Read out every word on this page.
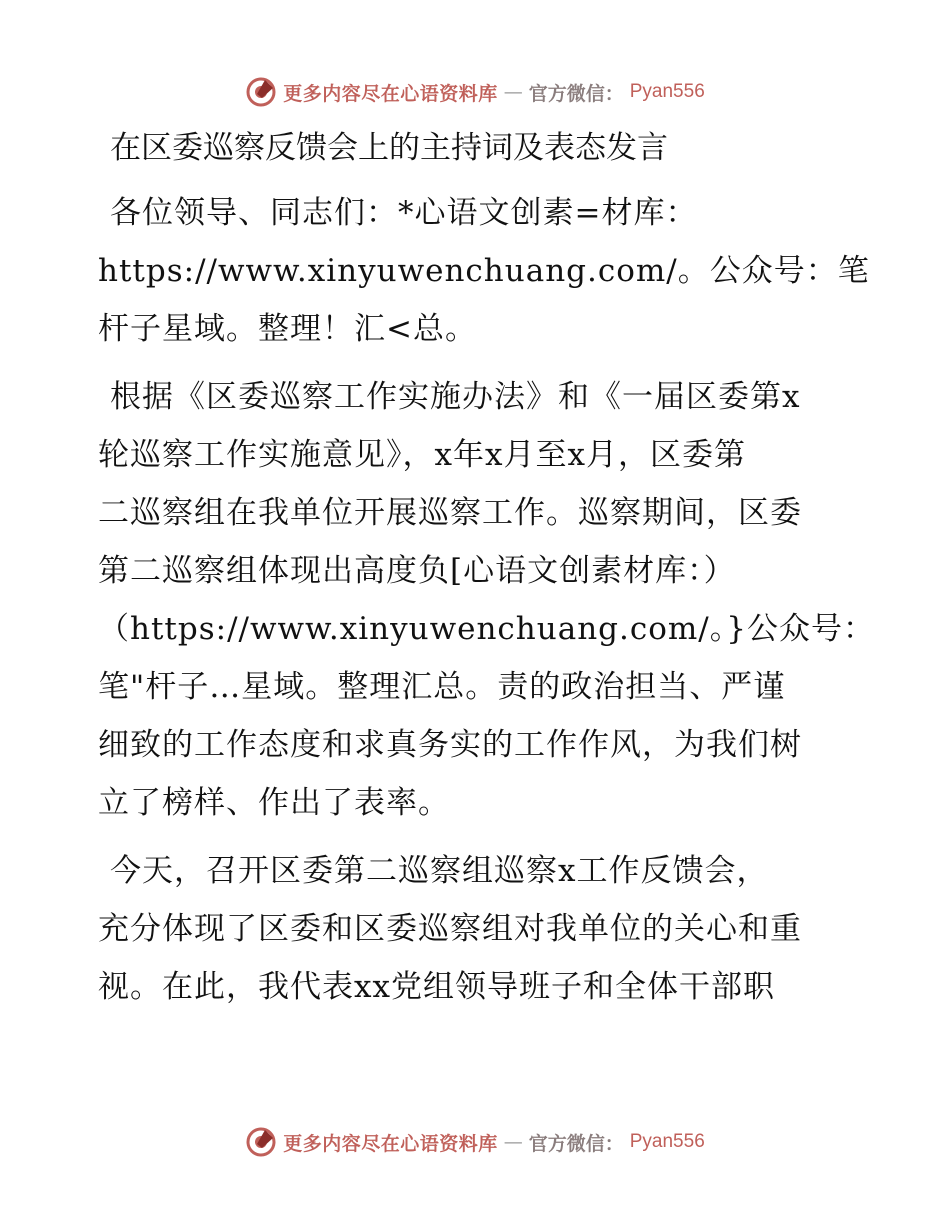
更多内容尽在心语资料库 — 官方微信： Pyan556
在区委巡察反馈会上的主持词及表态发言

各位领导、同志们：*心语文创素=材库：
https://www.xinyuwenchuang.com/。公众号：笔
杆子星域。整理！汇<总。

根据《区委巡察工作实施办法》和《一届区委第x
轮巡察工作实施意见》，x年x月至x月，区委第
二巡察组在我单位开展巡察工作。巡察期间，区委
第二巡察组体现出高度负[心语文创素材库：）
（https://www.xinyuwenchuang.com/。}公众号：
笔"杆子…星域。整理汇总。责的政治担当、严谨
细致的工作态度和求真务实的工作作风，为我们树
立了榜样、作出了表率。

今天，召开区委第二巡察组巡察x工作反馈会，
充分体现了区委和区委巡察组对我单位的关心和重
视。在此，我代表xx党组领导班子和全体干部职

更多内容尽在心语资料库 — 官方微信： Pyan556
